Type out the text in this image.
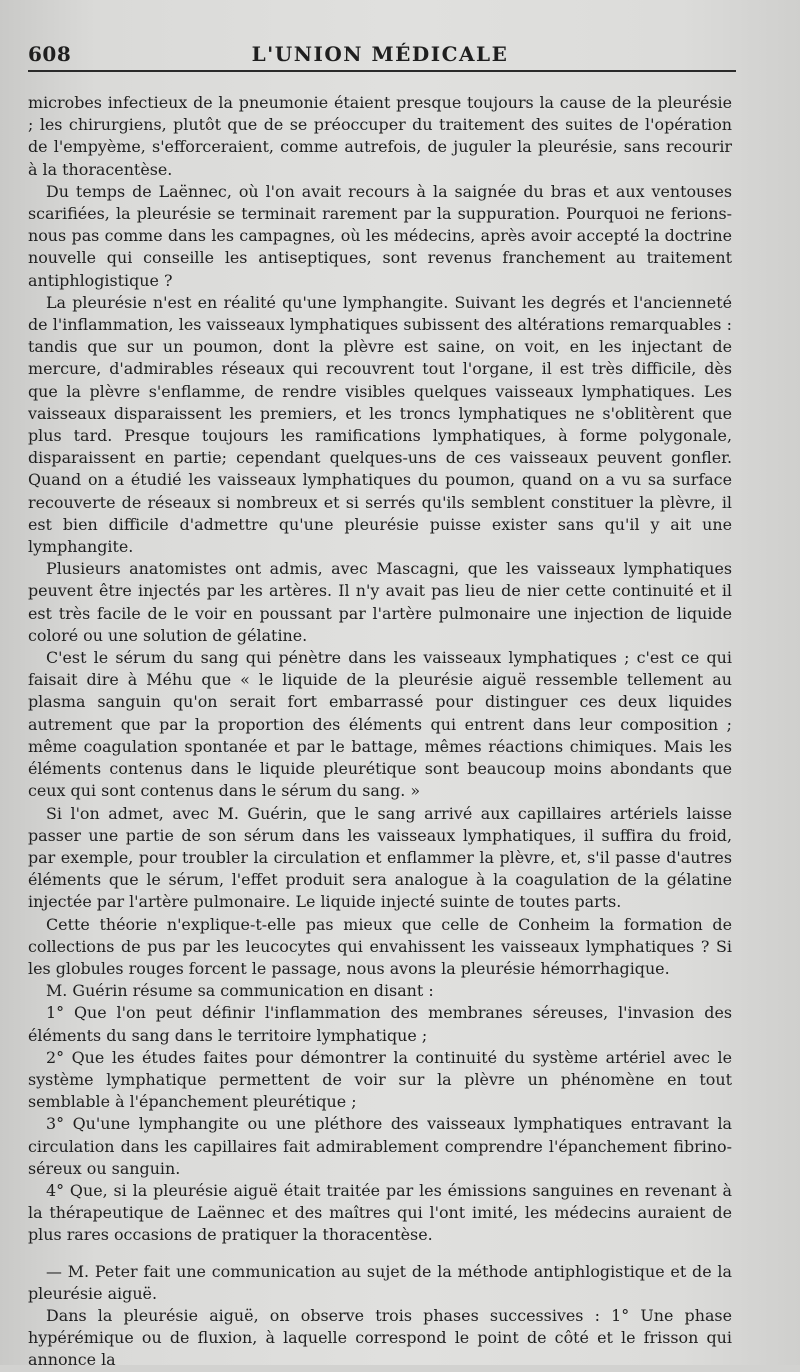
608	L'UNION MÉDICALE

microbes infectieux de la pneumonie étaient presque toujours la cause de la pleurésie ; les chirurgiens, plutôt que de se préoccuper du traitement des suites de l'opération de l'empyème, s'efforceraient, comme autrefois, de juguler la pleurésie, sans recourir à la thoracentèse.

Du temps de Laënnec, où l'on avait recours à la saignée du bras et aux ventouses scarifiées, la pleurésie se terminait rarement par la suppuration. Pourquoi ne ferions-nous pas comme dans les campagnes, où les médecins, après avoir accepté la doctrine nouvelle qui conseille les antiseptiques, sont revenus franchement au traitement antiphlogistique ?

La pleurésie n'est en réalité qu'une lymphangite. Suivant les degrés et l'ancienneté de l'inflammation, les vaisseaux lymphatiques subissent des altérations remarquables : tandis que sur un poumon, dont la plèvre est saine, on voit, en les injectant de mercure, d'admirables réseaux qui recouvrent tout l'organe, il est très difficile, dès que la plèvre s'enflamme, de rendre visibles quelques vaisseaux lymphatiques. Les vaisseaux disparaissent les premiers, et les troncs lymphatiques ne s'oblitèrent que plus tard. Presque toujours les ramifications lymphatiques, à forme polygonale, disparaissent en partie; cependant quelques-uns de ces vaisseaux peuvent gonfler. Quand on a étudié les vaisseaux lymphatiques du poumon, quand on a vu sa surface recouverte de réseaux si nombreux et si serrés qu'ils semblent constituer la plèvre, il est bien difficile d'admettre qu'une pleurésie puisse exister sans qu'il y ait une lymphangite.

Plusieurs anatomistes ont admis, avec Mascagni, que les vaisseaux lymphatiques peuvent être injectés par les artères. Il n'y avait pas lieu de nier cette continuité et il est très facile de le voir en poussant par l'artère pulmonaire une injection de liquide coloré ou une solution de gélatine.

C'est le sérum du sang qui pénètre dans les vaisseaux lymphatiques ; c'est ce qui faisait dire à Méhu que « le liquide de la pleurésie aiguë ressemble tellement au plasma sanguin qu'on serait fort embarrassé pour distinguer ces deux liquides autrement que par la proportion des éléments qui entrent dans leur composition ; même coagulation spontanée et par le battage, mêmes réactions chimiques. Mais les éléments contenus dans le liquide pleurétique sont beaucoup moins abondants que ceux qui sont contenus dans le sérum du sang. »

Si l'on admet, avec M. Guérin, que le sang arrivé aux capillaires artériels laisse passer une partie de son sérum dans les vaisseaux lymphatiques, il suffira du froid, par exemple, pour troubler la circulation et enflammer la plèvre, et, s'il passe d'autres éléments que le sérum, l'effet produit sera analogue à la coagulation de la gélatine injectée par l'artère pulmonaire. Le liquide injecté suinte de toutes parts.

Cette théorie n'explique-t-elle pas mieux que celle de Conheim la formation de collections de pus par les leucocytes qui envahissent les vaisseaux lymphatiques ? Si les globules rouges forcent le passage, nous avons la pleurésie hémorrhagique.

M. Guérin résume sa communication en disant :

1° Que l'on peut définir l'inflammation des membranes séreuses, l'invasion des éléments du sang dans le territoire lymphatique ;

2° Que les études faites pour démontrer la continuité du système artériel avec le système lymphatique permettent de voir sur la plèvre un phénomène en tout semblable à l'épanchement pleurétique ;

3° Qu'une lymphangite ou une pléthore des vaisseaux lymphatiques entravant la circulation dans les capillaires fait admirablement comprendre l'épanchement fibrino-séreux ou sanguin.

4° Que, si la pleurésie aiguë était traitée par les émissions sanguines en revenant à la thérapeutique de Laënnec et des maîtres qui l'ont imité, les médecins auraient de plus rares occasions de pratiquer la thoracentèse.

— M. Peter fait une communication au sujet de la méthode antiphlogistique et de la pleurésie aiguë.

Dans la pleurésie aiguë, on observe trois phases successives : 1° Une phase hypérémique ou de fluxion, à laquelle correspond le point de côté et le frisson qui annonce la
